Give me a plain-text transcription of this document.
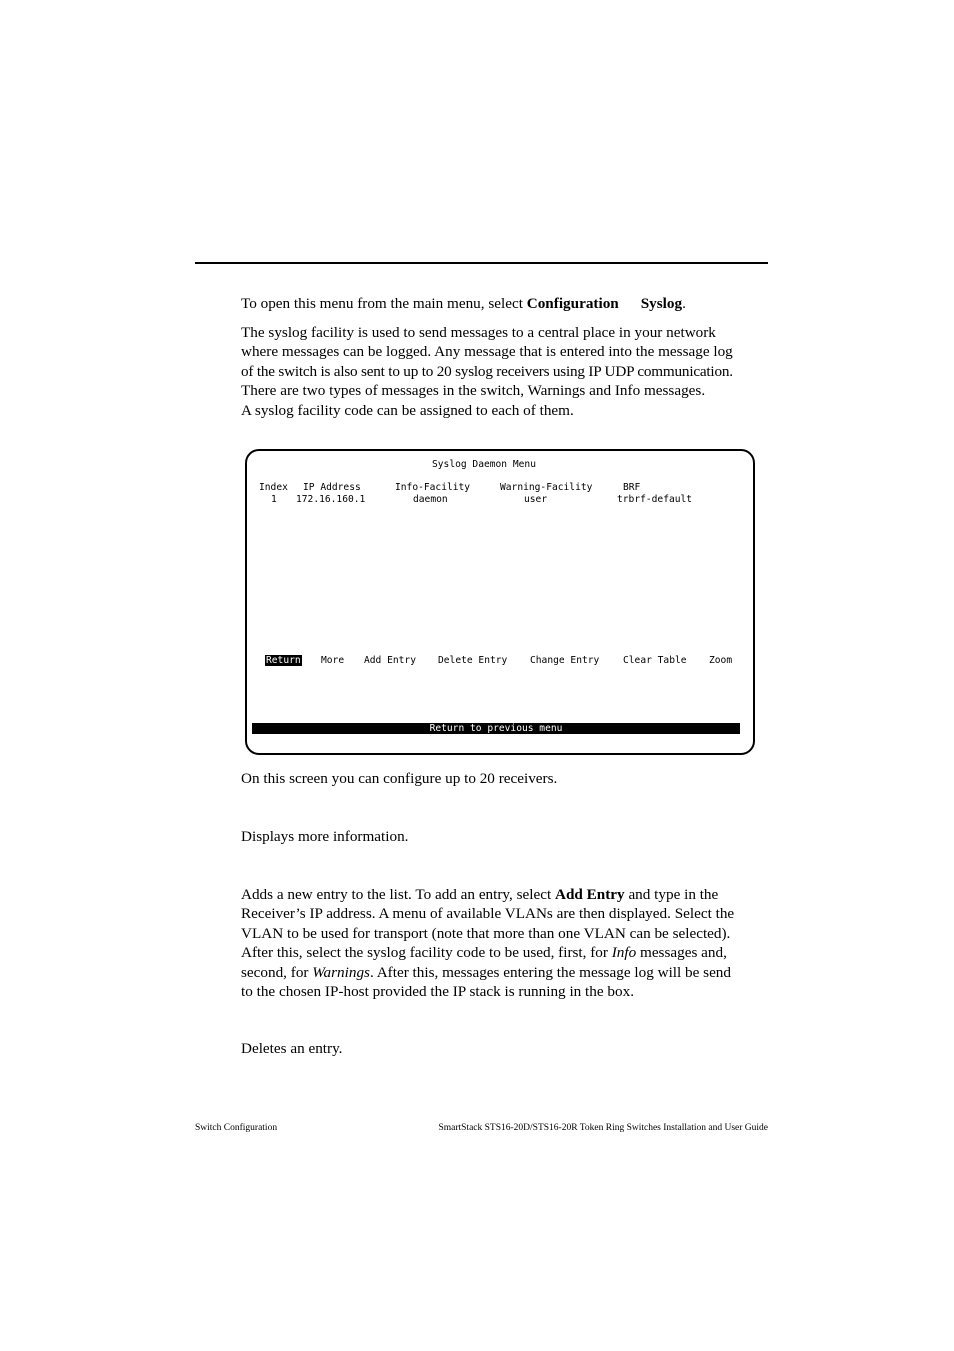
To open this menu from the main menu, select Configuration Syslog.

The syslog facility is used to send messages to a central place in your network
where messages can be logged. Any message that is entered into the message log
of the switch is also sent to up to 20 syslog receivers using IP UDP communication.
There are two types of messages in the switch, Warnings and Info messages.
A syslog facility code can be assigned to each of them.

Syslog Daemon Menu
Index IP Address	Info-Facility	Warning-Facility	BRF
1 172.16.160.1	daemon	user	trbrf-default
Return More Add Entry Delete Entry Change Entry Clear Table Zoom
Return to previous menu

On this screen you can configure up to 20 receivers.

Displays more information.

Adds a new entry to the list. To add an entry, select Add Entry and type in the
Receiver’s IP address. A menu of available VLANs are then displayed. Select the
VLAN to be used for transport (note that more than one VLAN can be selected).
After this, select the syslog facility code to be used, first, for Info messages and,
second, for Warnings. After this, messages entering the message log will be send
to the chosen IP-host provided the IP stack is running in the box.

Deletes an entry.

Switch Configuration	SmartStack STS16-20D/STS16-20R Token Ring Switches Installation and User Guide
